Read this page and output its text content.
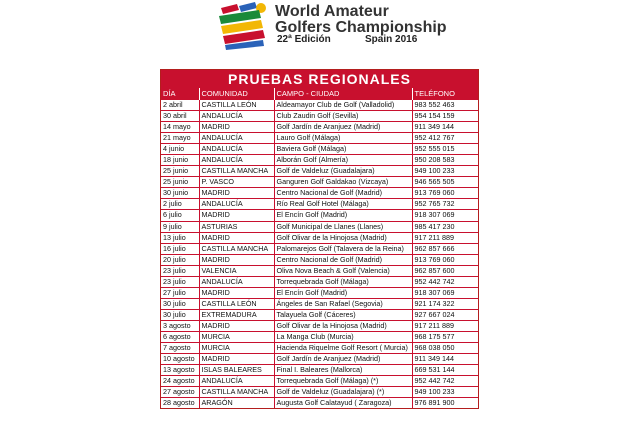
World Amateur
Golfers Championship
22ª Edición	Spain 2016
PRUEBAS REGIONALES
DÍA	COMUNIDAD	CAMPO - CIUDAD	TELÉFONO
2 abril	CASTILLA LEÓN	Aldeamayor Club de Golf (Valladolid)	983 552 463
30 abril	ANDALUCÍA	Club Zaudin Golf (Sevilla)	954 154 159
14 mayo	MADRID	Golf Jardín de Aranjuez (Madrid)	911 349 144
21 mayo	ANDALUCÍA	Lauro Golf (Málaga)	952 412 767
4 junio	ANDALUCÍA	Baviera Golf (Málaga)	952 555 015
18 junio	ANDALUCÍA	Alborán Golf (Almería)	950 208 583
25 junio	CASTILLA MANCHA	Golf de Valdeluz (Guadalajara)	949 100 233
25 junio	P. VASCO	Ganguren Golf Galdakao (Vizcaya)	946 565 505
30 junio	MADRID	Centro Nacional de Golf (Madrid)	913 769 060
2 julio	ANDALUCÍA	Río Real Golf Hotel (Málaga)	952 765 732
6 julio	MADRID	El Encín Golf (Madrid)	918 307 069
9 julio	ASTURIAS	Golf Municipal de Llanes (Llanes)	985 417 230
13 julio	MADRID	Golf Olivar de la Hinojosa (Madrid)	917 211 889
16 julio	CASTILLA MANCHA	Palomarejos Golf (Talavera de la Reina)	962 857 666
20 julio	MADRID	Centro Nacional de Golf (Madrid)	913 769 060
23 julio	VALENCIA	Oliva Nova Beach & Golf (Valencia)	962 857 600
23 julio	ANDALUCÍA	Torrequebrada Golf (Málaga)	952 442 742
27 julio	MADRID	El Encín Golf (Madrid)	918 307 069
30 julio	CASTILLA LEÓN	Ángeles de San Rafael (Segovia)	921 174 322
30 julio	EXTREMADURA	Talayuela Golf (Cáceres)	927 667 024
3 agosto	MADRID	Golf Olivar de la Hinojosa (Madrid)	917 211 889
6 agosto	MURCIA	La Manga Club (Murcia)	968 175 577
7 agosto	MURCIA	Hacienda Riquelme Golf Resort ( Murcia)	968 038 050
10 agosto	MADRID	Golf Jardín de Aranjuez (Madrid)	911 349 144
13 agosto	ISLAS BALEARES	Final I. Baleares (Mallorca)	669 531 144
24 agosto	ANDALUCÍA	Torrequebrada Golf (Málaga) (*)	952 442 742
27 agosto	CASTILLA MANCHA	Golf de Valdeluz (Guadalajara) (*)	949 100 233
28 agosto	ARAGÓN	Augusta Golf Calatayud ( Zaragoza)	976 891 900
